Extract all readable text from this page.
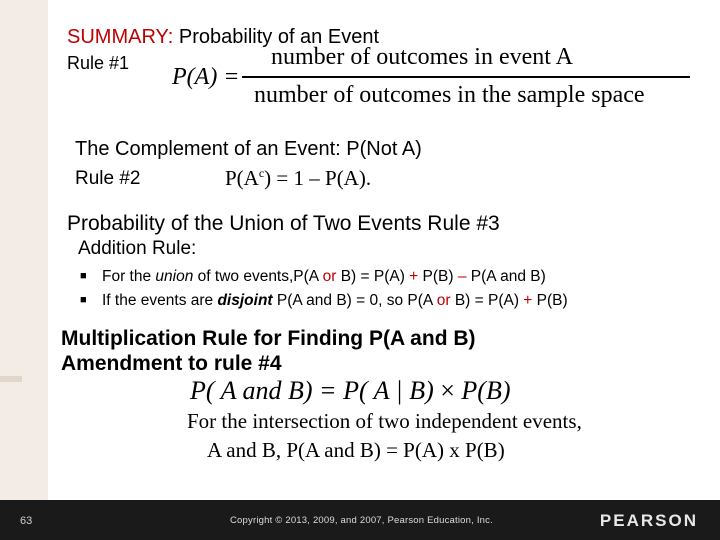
SUMMARY: Probability of an Event
Rule #1
P(A) =
number of outcomes in event A
number of outcomes in the sample space
The Complement of an Event: P(Not A)
Rule #2	$P(A^c) = 1 - P(A)$.
Probability of the Union of Two Events Rule #3
Addition Rule:
■ For the union of two events,P(A or B) = P(A) + P(B) – P(A and B)
■ If the events are disjoint P(A and B) = 0, so P(A or B) = P(A) + P(B)
Multiplication Rule for Finding P(A and B)
Amendment to rule #4
P( A and B) = P( A | B) × P(B)
For the intersection of two independent events,
A and B, P(A and B) = P(A) x P(B)
63	Copyright © 2013, 2009, and 2007, Pearson Education, Inc.	PEARSON
